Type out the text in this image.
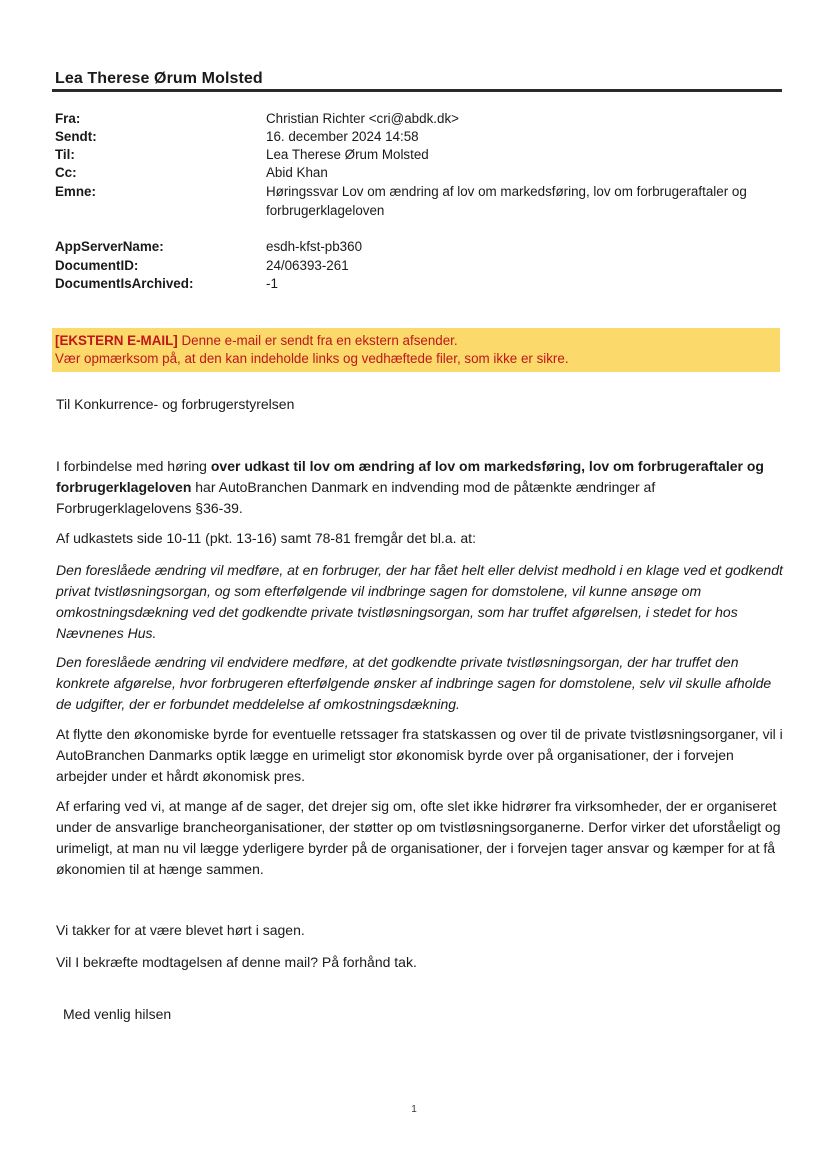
Lea Therese Ørum Molsted
Fra:	Christian Richter <cri@abdk.dk>
Sendt:	16. december 2024 14:58
Til:	Lea Therese Ørum Molsted
Cc:	Abid Khan
Emne:	Høringssvar Lov om ændring af lov om markedsføring, lov om forbrugeraftaler og
forbrugerklageloven
AppServerName:	esdh-kfst-pb360
DocumentID:	24/06393-261
DocumentIsArchived:	-1
[EKSTERN E-MAIL] Denne e-mail er sendt fra en ekstern afsender.
Vær opmærksom på, at den kan indeholde links og vedhæftede filer, som ikke er sikre.

Til Konkurrence- og forbrugerstyrelsen

I forbindelse med høring over udkast til lov om ændring af lov om markedsføring, lov om forbrugeraftaler og forbrugerklageloven har AutoBranchen Danmark en indvending mod de påtænkte ændringer af Forbrugerklagelovens §36-39.

Af udkastets side 10-11 (pkt. 13-16) samt 78-81 fremgår det bl.a. at:

Den foreslåede ændring vil medføre, at en forbruger, der har fået helt eller delvist medhold i en klage ved et godkendt privat tvistløsningsorgan, og som efterfølgende vil indbringe sagen for domstolene, vil kunne ansøge om omkostningsdækning ved det godkendte private tvistløsningsorgan, som har truffet afgørelsen, i stedet for hos Nævnenes Hus.

Den foreslåede ændring vil endvidere medføre, at det godkendte private tvistløsningsorgan, der har truffet den konkrete afgørelse, hvor forbrugeren efterfølgende ønsker af indbringe sagen for domstolene, selv vil skulle afholde de udgifter, der er forbundet meddelelse af omkostningsdækning.

At flytte den økonomiske byrde for eventuelle retssager fra statskassen og over til de private tvistløsningsorganer, vil i AutoBranchen Danmarks optik lægge en urimeligt stor økonomisk byrde over på organisationer, der i forvejen arbejder under et hårdt økonomisk pres.

Af erfaring ved vi, at mange af de sager, det drejer sig om, ofte slet ikke hidrører fra virksomheder, der er organiseret under de ansvarlige brancheorganisationer, der støtter op om tvistløsningsorganerne. Derfor virker det uforståeligt og urimeligt, at man nu vil lægge yderligere byrder på de organisationer, der i forvejen tager ansvar og kæmper for at få økonomien til at hænge sammen.

Vi takker for at være blevet hørt i sagen.

Vil I bekræfte modtagelsen af denne mail? På forhånd tak.

Med venlig hilsen

1
